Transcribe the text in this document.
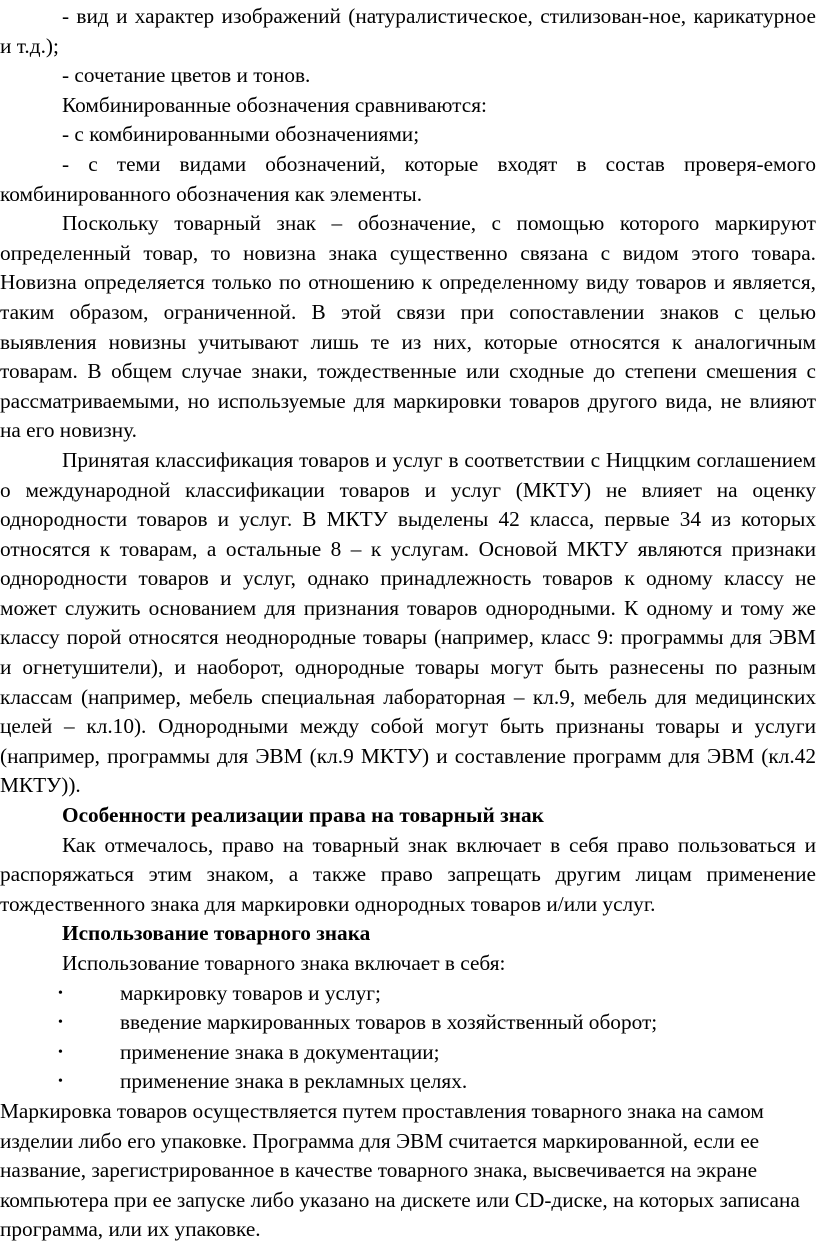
- вид и характер изображений (натуралистическое, стилизован-ное, карикатурное и т.д.);

- сочетание цветов и тонов.

Комбинированные обозначения сравниваются:

- с комбинированными обозначениями;

- с теми видами обозначений, которые входят в состав проверя-емого комбинированного обозначения как элементы.

Поскольку товарный знак – обозначение, с помощью которого маркируют определенный товар, то новизна знака существенно связана с видом этого товара. Новизна определяется только по отношению к определенному виду товаров и является, таким образом, ограниченной. В этой связи при сопоставлении знаков с целью выявления новизны учитывают лишь те из них, которые относятся к аналогичным товарам. В общем случае знаки, тождественные или сходные до степени смешения с рассматриваемыми, но используемые для маркировки товаров другого вида, не влияют на его новизну.

Принятая классификация товаров и услуг в соответствии с Ниццким соглашением о международной классификации товаров и услуг (МКТУ) не влияет на оценку однородности товаров и услуг. В МКТУ выделены 42 класса, первые 34 из которых относятся к товарам, а остальные 8 – к услугам. Основой МКТУ являются признаки однородности товаров и услуг, однако принадлежность товаров к одному классу не может служить основанием для признания товаров однородными. К одному и тому же классу порой относятся неоднородные товары (например, класс 9: программы для ЭВМ и огнетушители), и наоборот, однородные товары могут быть разнесены по разным классам (например, мебель специальная лабораторная – кл.9, мебель для медицинских целей – кл.10). Однородными между собой могут быть признаны товары и услуги (например, программы для ЭВМ (кл.9 МКТУ) и составление программ для ЭВМ (кл.42 МКТУ)).

Особенности реализации права на товарный знак

Как отмечалось, право на товарный знак включает в себя право пользоваться и распоряжаться этим знаком, а также право запрещать другим лицам применение тождественного знака для маркировки однородных товаров и/или услуг.

Использование товарного знака

Использование товарного знака включает в себя:

•	маркировку товаров и услуг;
•	введение маркированных товаров в хозяйственный оборот;
•	применение знака в документации;
•	применение знака в рекламных целях.

Маркировка товаров осуществляется путем проставления товарного знака на самом изделии либо его упаковке. Программа для ЭВМ считается маркированной, если ее название, зарегистрированное в качестве товарного знака, высвечивается на экране компьютера при ее запуске либо указано на дискете или CD-диске, на которых записана программа, или их упаковке.
